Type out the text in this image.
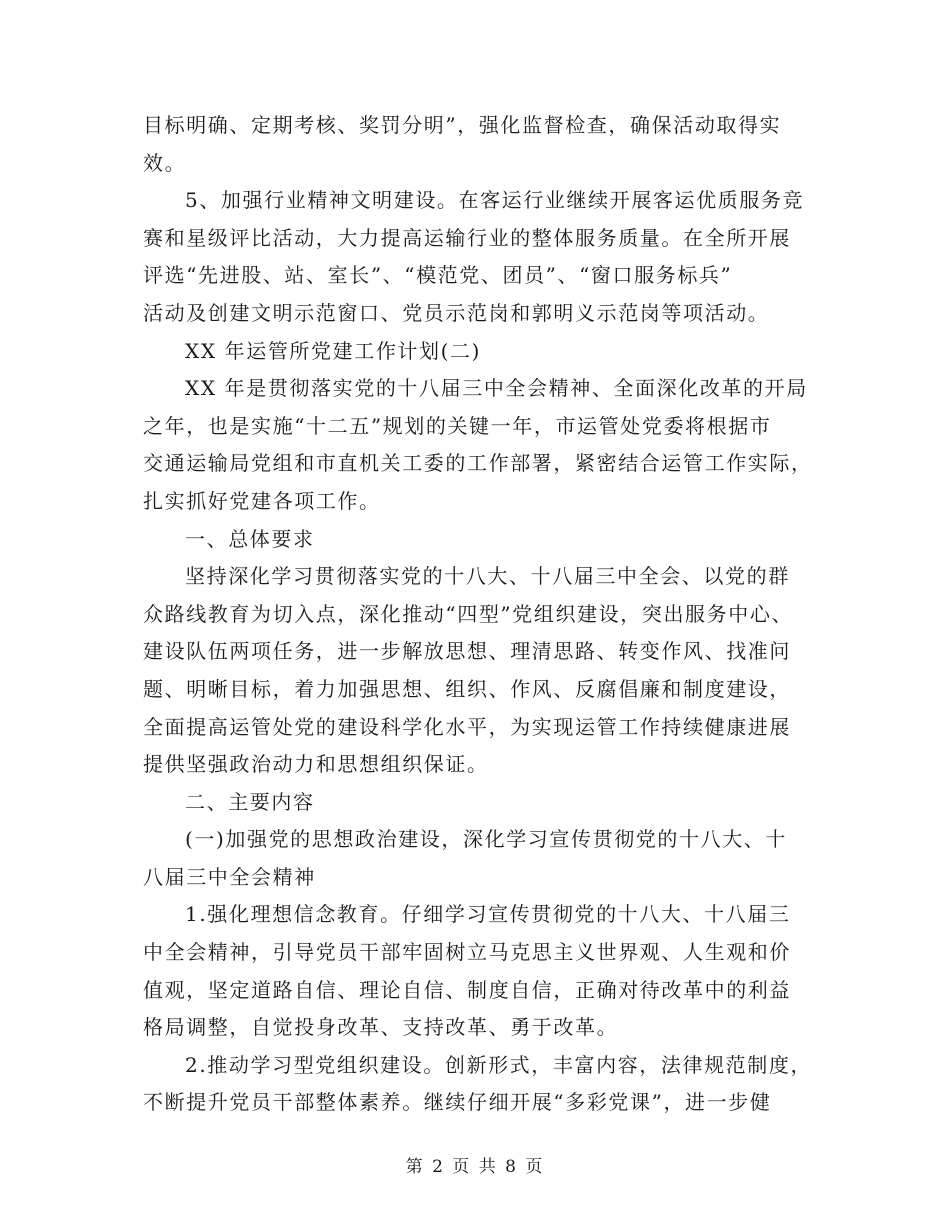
目标明确、定期考核、奖罚分明”，强化监督检查，确保活动取得实
效。
5、加强行业精神文明建设。在客运行业继续开展客运优质服务竞
赛和星级评比活动，大力提高运输行业的整体服务质量。在全所开展
评选“先进股、站、室长”、“模范党、团员”、“窗口服务标兵”
活动及创建文明示范窗口、党员示范岗和郭明义示范岗等项活动。
XX 年运管所党建工作计划(二)
XX 年是贯彻落实党的十八届三中全会精神、全面深化改革的开局
之年，也是实施“十二五”规划的关键一年，市运管处党委将根据市
交通运输局党组和市直机关工委的工作部署，紧密结合运管工作实际，
扎实抓好党建各项工作。
一、总体要求
坚持深化学习贯彻落实党的十八大、十八届三中全会、以党的群
众路线教育为切入点，深化推动“四型”党组织建设，突出服务中心、
建设队伍两项任务，进一步解放思想、理清思路、转变作风、找准问
题、明晰目标，着力加强思想、组织、作风、反腐倡廉和制度建设，
全面提高运管处党的建设科学化水平，为实现运管工作持续健康进展
提供坚强政治动力和思想组织保证。
二、主要内容
(一)加强党的思想政治建设，深化学习宣传贯彻党的十八大、十
八届三中全会精神
1.强化理想信念教育。仔细学习宣传贯彻党的十八大、十八届三
中全会精神，引导党员干部牢固树立马克思主义世界观、人生观和价
值观，坚定道路自信、理论自信、制度自信，正确对待改革中的利益
格局调整，自觉投身改革、支持改革、勇于改革。
2.推动学习型党组织建设。创新形式，丰富内容，法律规范制度，
不断提升党员干部整体素养。继续仔细开展“多彩党课”，进一步健
第 2 页 共 8 页
